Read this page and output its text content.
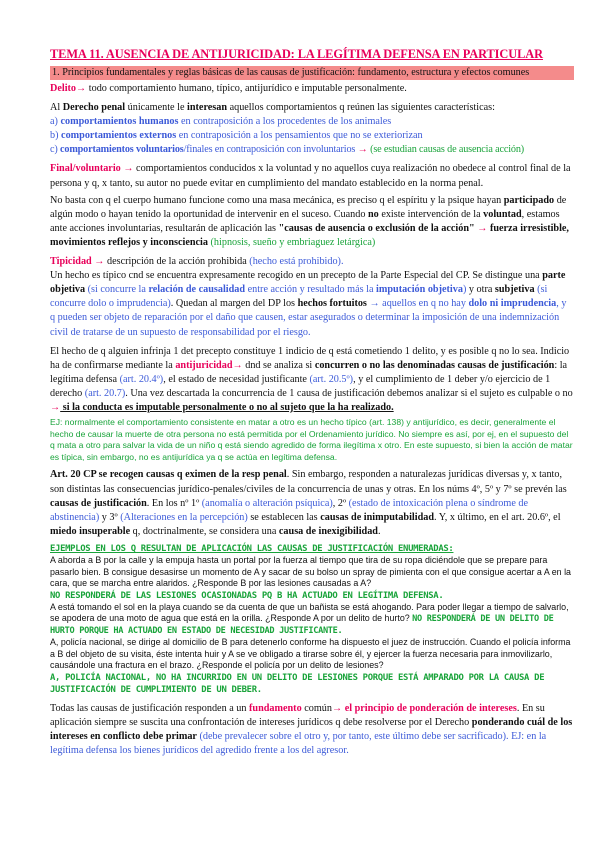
TEMA 11. AUSENCIA DE ANTIJURICIDAD: LA LEGÍTIMA DEFENSA EN PARTICULAR
1. Principios fundamentales y reglas básicas de las causas de justificación: fundamento, estructura y efectos comunes

Delito→ todo comportamiento humano, típico, antijurídico e imputable personalmente.

Al Derecho penal únicamente le interesan aquellos comportamientos q reúnen las siguientes características:

a) comportamientos humanos en contraposición a los procedentes de los animales

b) comportamientos externos en contraposición a los pensamientos que no se exteriorizan

c) comportamientos voluntarios/finales en contraposición con involuntarios → (se estudian causas de ausencia acción)

Final/voluntario → comportamientos conducidos x la voluntad y no aquellos cuya realización no obedece al control final de la persona y q, x tanto, su autor no puede evitar en cumplimiento del mandato establecido en la norma penal.

No basta con q el cuerpo humano funcione como una masa mecánica, es preciso q el espíritu y la psique hayan participado de algún modo o hayan tenido la oportunidad de intervenir en el suceso. Cuando no existe intervención de la voluntad, estamos ante acciones involuntarias, resultarán de aplicación las "causas de ausencia o exclusión de la acción" → fuerza irresistible, movimientos reflejos y inconsciencia (hipnosis, sueño y embriaguez letárgica)

Tipicidad → descripción de la acción prohibida (hecho está prohibido).

Un hecho es típico cnd se encuentra expresamente recogido en un precepto de la Parte Especial del CP. Se distingue una parte objetiva (si concurre la relación de causalidad entre acción y resultado más la imputación objetiva) y otra subjetiva (si concurre dolo o imprudencia). Quedan al margen del DP los hechos fortuitos → aquellos en q no hay dolo ni imprudencia, y q pueden ser objeto de reparación por el daño que causen, estar asegurados o determinar la imposición de una indemnización civil de tratarse de un supuesto de responsabilidad por el riesgo.

El hecho de q alguien infrinja 1 det precepto constituye 1 indicio de q está cometiendo 1 delito, y es posible q no lo sea. Indicio ha de confirmarse mediante la antijuricidad→ dnd se analiza si concurren o no las denominadas causas de justificación: la legítima defensa (art. 20.4º), el estado de necesidad justificante (art. 20.5º), y el cumplimiento de 1 deber y/o ejercicio de 1 derecho (art. 20.7). Una vez descartada la concurrencia de 1 causa de justificación debemos analizar si el sujeto es culpable o no → si la conducta es imputable personalmente o no al sujeto que la ha realizado.

EJ: normalmente el comportamiento consistente en matar a otro es un hecho típico (art. 138) y antijurídico, es decir, generalmente el hecho de causar la muerte de otra persona no está permitida por el Ordenamiento jurídico. No siempre es así, por ej, en el supuesto del q mata a otro para salvar la vida de un niño q está siendo agredido de forma ilegítima x otro. En este supuesto, si bien la acción de matar es típica, sin embargo, no es antijurídica ya q se actúa en legítima defensa.

Art. 20 CP se recogen causas q eximen de la resp penal. Sin embargo, responden a naturalezas jurídicas diversas y, x tanto, son distintas las consecuencias jurídico-penales/civiles de la concurrencia de unas y otras. En los núms 4º, 5º y 7º se prevén las causas de justificación. En los nº 1º (anomalía o alteración psíquica), 2º (estado de intoxicación plena o síndrome de abstinencia) y 3º (Alteraciones en la percepción) se establecen las causas de inimputabilidad. Y, x último, en el art. 20.6º, el miedo insuperable q, doctrinalmente, se considera una causa de inexigibilidad.

EJEMPLOS EN LOS Q RESULTAN DE APLICACIÓN LAS CAUSAS DE JUSTIFICACIÓN ENUMERADAS:

A aborda a B por la calle y la empuja hasta un portal por la fuerza al tiempo que tira de su ropa diciéndole que se prepare para pasarlo bien. B consigue desasirse un momento de A y sacar de su bolso un spray de pimienta con el que consigue acertar a A en la cara, que se marcha entre alaridos. ¿Responde B por las lesiones causadas a A?

NO RESPONDERÁ DE LAS LESIONES OCASIONADAS PQ B HA ACTUADO EN LEGÍTIMA DEFENSA.

A está tomando el sol en la playa cuando se da cuenta de que un bañista se está ahogando. Para poder llegar a tiempo de salvarlo, se apodera de una moto de agua que está en la orilla. ¿Responde A por un delito de hurto? NO RESPONDERÁ DE UN DELITO DE HURTO PORQUE HA ACTUADO EN ESTADO DE NECESIDAD JUSTIFICANTE.

A, policía nacional, se dirige al domicilio de B para detenerlo conforme ha dispuesto el juez de instrucción. Cuando el policía informa a B del objeto de su visita, éste intenta huir y A se ve obligado a tirarse sobre él, y ejercer la fuerza necesaria para inmovilizarlo, causándole una fractura en el brazo. ¿Responde el policía por un delito de lesiones?

A, POLICÍA NACIONAL, NO HA INCURRIDO EN UN DELITO DE LESIONES PORQUE ESTÁ AMPARADO POR LA CAUSA DE JUSTIFICACIÓN DE CUMPLIMIENTO DE UN DEBER.

Todas las causas de justificación responden a un fundamento común→ el principio de ponderación de intereses. En su aplicación siempre se suscita una confrontación de intereses jurídicos q debe resolverse por el Derecho ponderando cuál de los intereses en conflicto debe primar (debe prevalecer sobre el otro y, por tanto, este último debe ser sacrificado). EJ: en la legítima defensa los bienes jurídicos del agredido frente a los del agresor.
